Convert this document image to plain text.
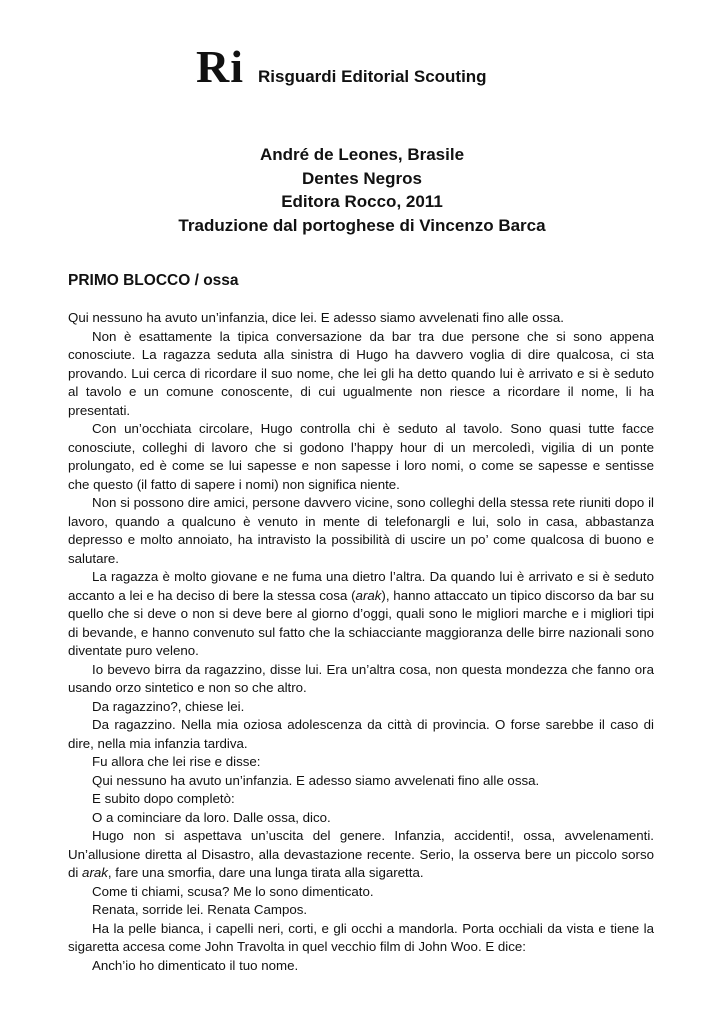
Ri Risguardi Editorial Scouting
André de Leones, Brasile
Dentes Negros
Editora Rocco, 2011
Traduzione dal portoghese di Vincenzo Barca
PRIMO BLOCCO / ossa

Qui nessuno ha avuto un’infanzia, dice lei. E adesso siamo avvelenati fino alle ossa.

Non è esattamente la tipica conversazione da bar tra due persone che si sono appena conosciute. La ragazza seduta alla sinistra di Hugo ha davvero voglia di dire qualcosa, ci sta provando. Lui cerca di ricordare il suo nome, che lei gli ha detto quando lui è arrivato e si è seduto al tavolo e un comune conoscente, di cui ugualmente non riesce a ricordare il nome, li ha presentati.

Con un’occhiata circolare, Hugo controlla chi è seduto al tavolo. Sono quasi tutte facce conosciute, colleghi di lavoro che si godono l’happy hour di un mercoledì, vigilia di un ponte prolungato, ed è come se lui sapesse e non sapesse i loro nomi, o come se sapesse e sentisse che questo (il fatto di sapere i nomi) non significa niente.

Non si possono dire amici, persone davvero vicine, sono colleghi della stessa rete riuniti dopo il lavoro, quando a qualcuno è venuto in mente di telefonargli e lui, solo in casa, abbastanza depresso e molto annoiato, ha intravisto la possibilità di uscire un po’ come qualcosa di buono e salutare.

La ragazza è molto giovane e ne fuma una dietro l’altra. Da quando lui è arrivato e si è seduto accanto a lei e ha deciso di bere la stessa cosa (arak), hanno attaccato un tipico discorso da bar su quello che si deve o non si deve bere al giorno d’oggi, quali sono le migliori marche e i migliori tipi di bevande, e hanno convenuto sul fatto che la schiacciante maggioranza delle birre nazionali sono diventate puro veleno.

Io bevevo birra da ragazzino, disse lui. Era un’altra cosa, non questa mondezza che fanno ora usando orzo sintetico e non so che altro.

Da ragazzino?, chiese lei.

Da ragazzino. Nella mia oziosa adolescenza da città di provincia. O forse sarebbe il caso di dire, nella mia infanzia tardiva.

Fu allora che lei rise e disse:

Qui nessuno ha avuto un’infanzia. E adesso siamo avvelenati fino alle ossa.

E subito dopo completò:

O a cominciare da loro. Dalle ossa, dico.

Hugo non si aspettava un’uscita del genere. Infanzia, accidenti!, ossa, avvelenamenti. Un’allusione diretta al Disastro, alla devastazione recente. Serio, la osserva bere un piccolo sorso di arak, fare una smorfia, dare una lunga tirata alla sigaretta.

Come ti chiami, scusa? Me lo sono dimenticato.

Renata, sorride lei. Renata Campos.

Ha la pelle bianca, i capelli neri, corti, e gli occhi a mandorla. Porta occhiali da vista e tiene la sigaretta accesa come John Travolta in quel vecchio film di John Woo. E dice:

Anch’io ho dimenticato il tuo nome.
